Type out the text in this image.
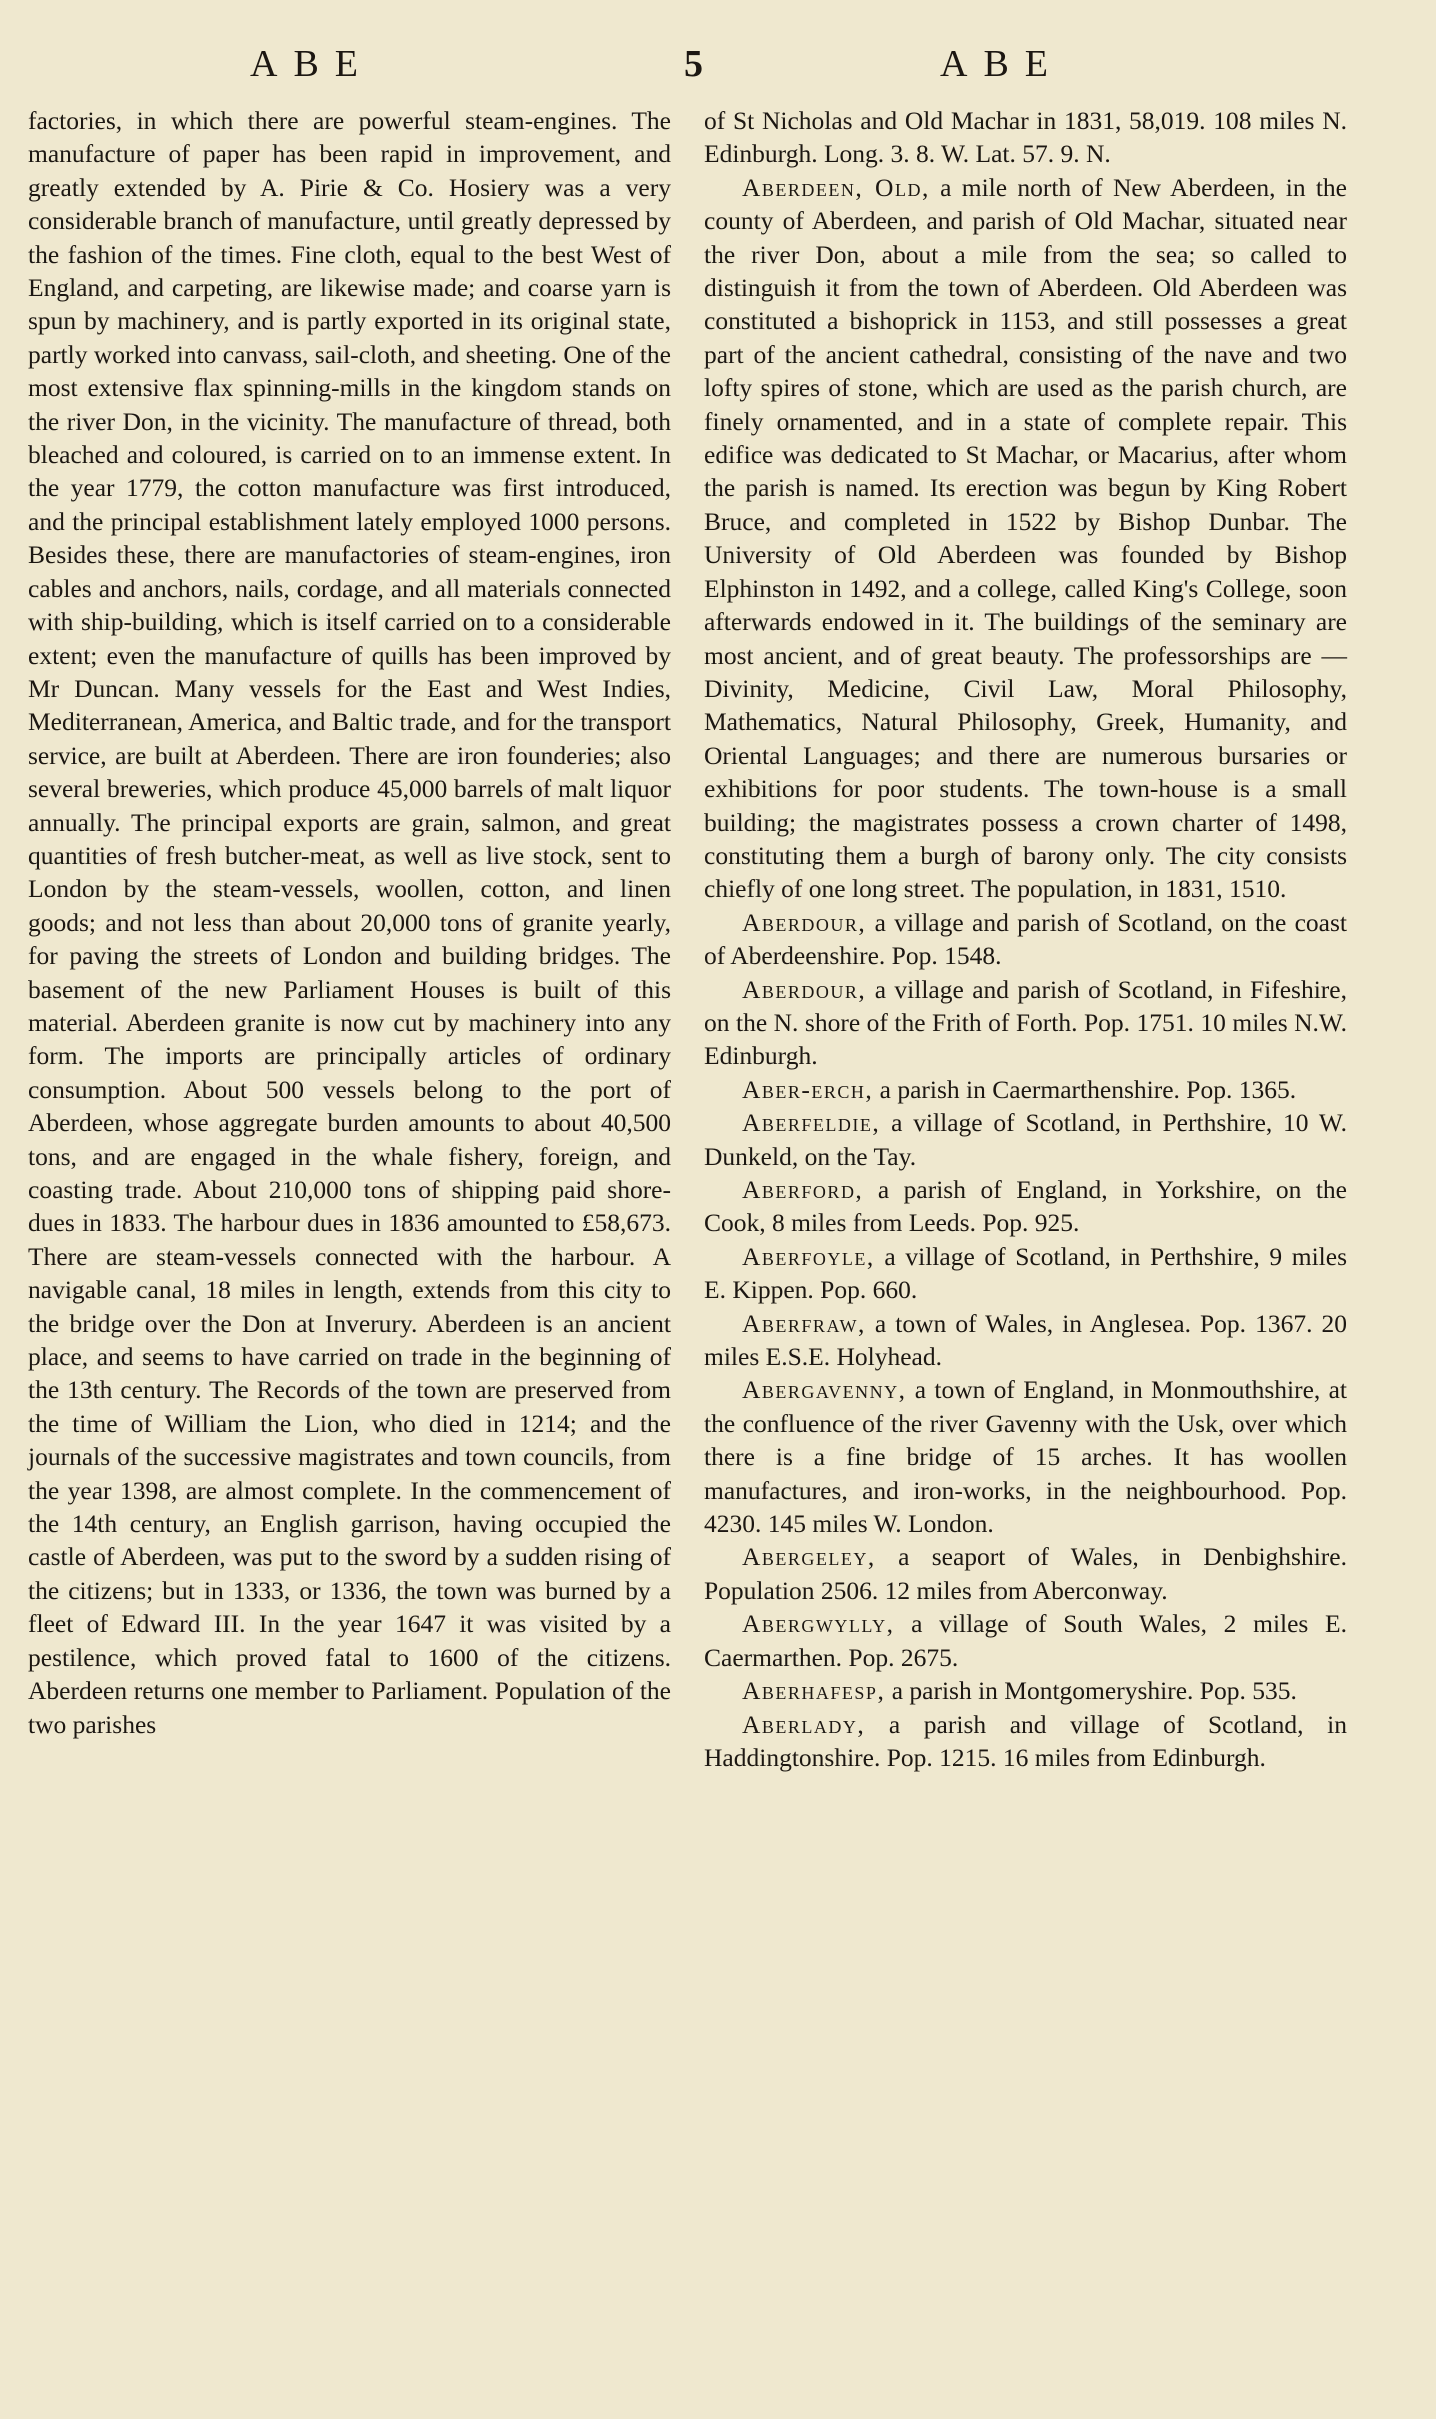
ABE	5	ABE

factories, in which there are powerful steam-engines. The manufacture of paper has been rapid in improvement, and greatly extended by A. Pirie & Co. Hosiery was a very considerable branch of manufacture, until greatly depressed by the fashion of the times. Fine cloth, equal to the best West of England, and carpeting, are likewise made; and coarse yarn is spun by machinery, and is partly exported in its original state, partly worked into canvass, sail-cloth, and sheeting. One of the most extensive flax spinning-mills in the kingdom stands on the river Don, in the vicinity. The manufacture of thread, both bleached and coloured, is carried on to an immense extent. In the year 1779, the cotton manufacture was first introduced, and the principal establishment lately employed 1000 persons. Besides these, there are manufactories of steam-engines, iron cables and anchors, nails, cordage, and all materials connected with ship-building, which is itself carried on to a considerable extent; even the manufacture of quills has been improved by Mr Duncan. Many vessels for the East and West Indies, Mediterranean, America, and Baltic trade, and for the transport service, are built at Aberdeen. There are iron founderies; also several breweries, which produce 45,000 barrels of malt liquor annually. The principal exports are grain, salmon, and great quantities of fresh butcher-meat, as well as live stock, sent to London by the steam-vessels, woollen, cotton, and linen goods; and not less than about 20,000 tons of granite yearly, for paving the streets of London and building bridges. The basement of the new Parliament Houses is built of this material. Aberdeen granite is now cut by machinery into any form. The imports are principally articles of ordinary consumption. About 500 vessels belong to the port of Aberdeen, whose aggregate burden amounts to about 40,500 tons, and are engaged in the whale fishery, foreign, and coasting trade. About 210,000 tons of shipping paid shore-dues in 1833. The harbour dues in 1836 amounted to £58,673. There are steam-vessels connected with the harbour. A navigable canal, 18 miles in length, extends from this city to the bridge over the Don at Inverury. Aberdeen is an ancient place, and seems to have carried on trade in the beginning of the 13th century. The Records of the town are preserved from the time of William the Lion, who died in 1214; and the journals of the successive magistrates and town councils, from the year 1398, are almost complete. In the commencement of the 14th century, an English garrison, having occupied the castle of Aberdeen, was put to the sword by a sudden rising of the citizens; but in 1333, or 1336, the town was burned by a fleet of Edward III. In the year 1647 it was visited by a pestilence, which proved fatal to 1600 of the citizens. Aberdeen returns one member to Parliament. Population of the two parishes

of St Nicholas and Old Machar in 1831, 58,019. 108 miles N. Edinburgh. Long. 3. 8. W. Lat. 57. 9. N.

Aberdeen, Old, a mile north of New Aberdeen, in the county of Aberdeen, and parish of Old Machar, situated near the river Don, about a mile from the sea; so called to distinguish it from the town of Aberdeen. Old Aberdeen was constituted a bishoprick in 1153, and still possesses a great part of the ancient cathedral, consisting of the nave and two lofty spires of stone, which are used as the parish church, are finely ornamented, and in a state of complete repair. This edifice was dedicated to St Machar, or Macarius, after whom the parish is named. Its erection was begun by King Robert Bruce, and completed in 1522 by Bishop Dunbar. The University of Old Aberdeen was founded by Bishop Elphinston in 1492, and a college, called King's College, soon afterwards endowed in it. The buildings of the seminary are most ancient, and of great beauty. The professorships are — Divinity, Medicine, Civil Law, Moral Philosophy, Mathematics, Natural Philosophy, Greek, Humanity, and Oriental Languages; and there are numerous bursaries or exhibitions for poor students. The town-house is a small building; the magistrates possess a crown charter of 1498, constituting them a burgh of barony only. The city consists chiefly of one long street. The population, in 1831, 1510.

Aberdour, a village and parish of Scotland, on the coast of Aberdeenshire. Pop. 1548.

Aberdour, a village and parish of Scotland, in Fifeshire, on the N. shore of the Frith of Forth. Pop. 1751. 10 miles N.W. Edinburgh.

Aber-erch, a parish in Caermarthenshire. Pop. 1365.

Aberfeldie, a village of Scotland, in Perthshire, 10 W. Dunkeld, on the Tay.

Aberford, a parish of England, in Yorkshire, on the Cook, 8 miles from Leeds. Pop. 925.

Aberfoyle, a village of Scotland, in Perthshire, 9 miles E. Kippen. Pop. 660.

Aberfraw, a town of Wales, in Anglesea. Pop. 1367. 20 miles E.S.E. Holyhead.

Abergavenny, a town of England, in Monmouthshire, at the confluence of the river Gavenny with the Usk, over which there is a fine bridge of 15 arches. It has woollen manufactures, and iron-works, in the neighbourhood. Pop. 4230. 145 miles W. London.

Abergeley, a seaport of Wales, in Denbighshire. Population 2506. 12 miles from Aberconway.

Abergwylly, a village of South Wales, 2 miles E. Caermarthen. Pop. 2675.

Aberhafesp, a parish in Montgomeryshire. Pop. 535.

Aberlady, a parish and village of Scotland, in Haddingtonshire. Pop. 1215. 16 miles from Edinburgh.
